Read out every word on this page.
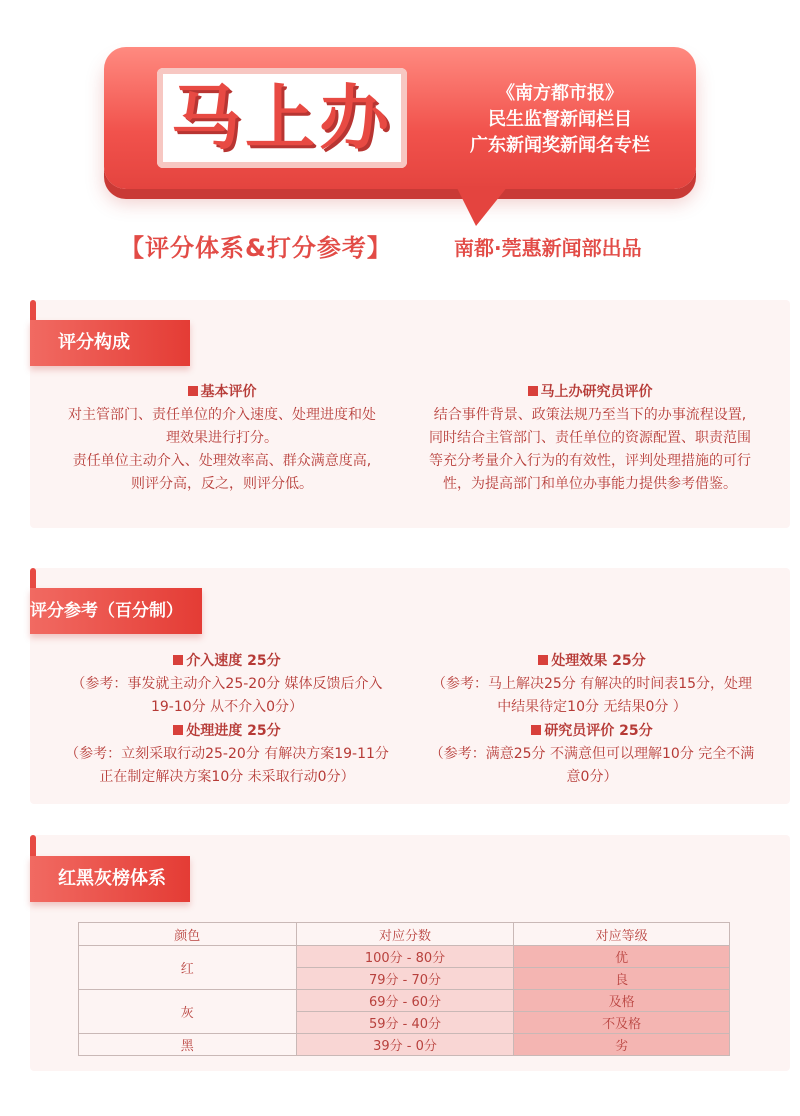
马上办	《南方都市报》
民生监督新闻栏目
广东新闻奖新闻名专栏
【评分体系&打分参考】	南都·莞惠新闻部出品
评分构成
基本评价
对主管部门、责任单位的介入速度、处理进度和处
理效果进行打分。
责任单位主动介入、处理效率高、群众满意度高,
则评分高，反之，则评分低。
马上办研究员评价
结合事件背景、政策法规乃至当下的办事流程设置,
同时结合主管部门、责任单位的资源配置、职责范围
等充分考量介入行为的有效性，评判处理措施的可行
性，为提高部门和单位办事能力提供参考借鉴。
评分参考（百分制）
介入速度 25分
（参考：事发就主动介入25-20分 媒体反馈后介入
19-10分 从不介入0分）
处理效果 25分
（参考：马上解决25分 有解决的时间表15分，处理
中结果待定10分 无结果0分 ）
处理进度 25分
（参考：立刻采取行动25-20分 有解决方案19-11分
正在制定解决方案10分 未采取行动0分）
研究员评价 25分
（参考：满意25分 不满意但可以理解10分 完全不满
意0分）
红黑灰榜体系
颜色	对应分数	对应等级
红	100分 - 80分	优
	79分 - 70分	良
灰	69分 - 60分	及格
	59分 - 40分	不及格
黑	39分 - 0分	劣
